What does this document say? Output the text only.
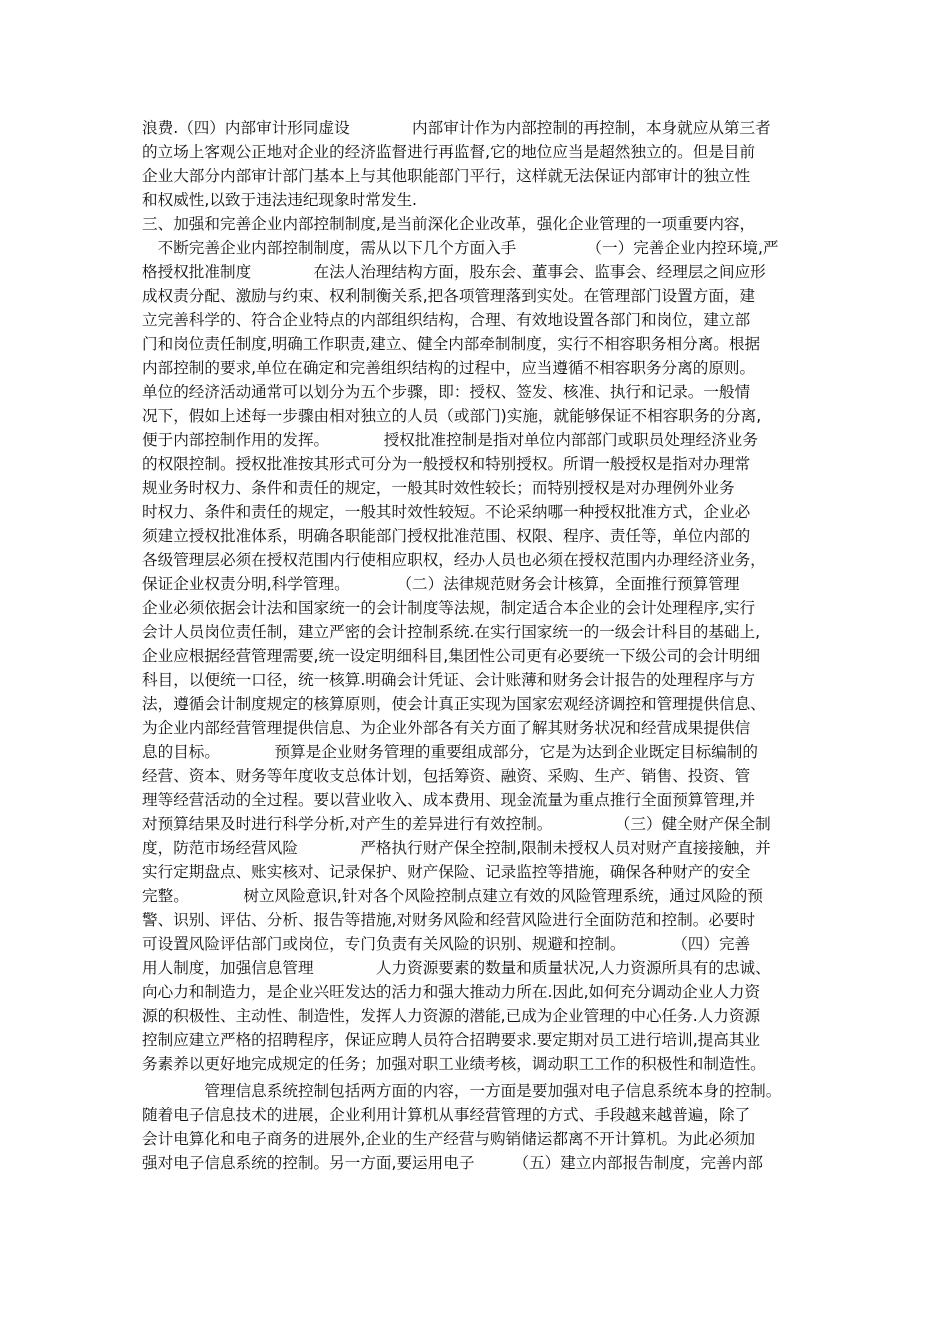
浪费.（四）内部审计形同虚设　　　　内部审计作为内部控制的再控制，本身就应从第三者
的立场上客观公正地对企业的经济监督进行再监督,它的地位应当是超然独立的。但是目前
企业大部分内部审计部门基本上与其他职能部门平行，这样就无法保证内部审计的独立性
和权威性,以致于违法违纪现象时常发生.
三、加强和完善企业内部控制制度,是当前深化企业改革，强化企业管理的一项重要内容，
　不断完善企业内部控制制度，需从以下几个方面入手　　　　　（一）完善企业内控环境,严
格授权批准制度　　　　在法人治理结构方面，股东会、董事会、监事会、经理层之间应形
成权责分配、激励与约束、权利制衡关系,把各项管理落到实处。在管理部门设置方面，建
立完善科学的、符合企业特点的内部组织结构，合理、有效地设置各部门和岗位，建立部
门和岗位责任制度,明确工作职责,建立、健全内部牵制制度，实行不相容职务相分离。根据
内部控制的要求,单位在确定和完善组织结构的过程中，应当遵循不相容职务分离的原则。
单位的经济活动通常可以划分为五个步骤，即：授权、签发、核准、执行和记录。一般情
况下，假如上述每一步骤由相对独立的人员（或部门)实施，就能够保证不相容职务的分离,
便于内部控制作用的发挥。　　　　授权批准控制是指对单位内部部门或职员处理经济业务
的权限控制。授权批准按其形式可分为一般授权和特别授权。所谓一般授权是指对办理常
规业务时权力、条件和责任的规定，一般其时效性较长；而特别授权是对办理例外业务
时权力、条件和责任的规定，一般其时效性较短。不论采纳哪一种授权批准方式，企业必
须建立授权批准体系，明确各职能部门授权批准范围、权限、程序、责任等，单位内部的
各级管理层必须在授权范围内行使相应职权，经办人员也必须在授权范围内办理经济业务，
保证企业权责分明,科学管理。　　　　（二）法律规范财务会计核算，全面推行预算管理
企业必须依据会计法和国家统一的会计制度等法规，制定适合本企业的会计处理程序,实行
会计人员岗位责任制，建立严密的会计控制系统.在实行国家统一的一级会计科目的基础上,
企业应根据经营管理需要,统一设定明细科目,集团性公司更有必要统一下级公司的会计明细
科目，以便统一口径，统一核算.明确会计凭证、会计账薄和财务会计报告的处理程序与方
法，遵循会计制度规定的核算原则，使会计真正实现为国家宏观经济调控和管理提供信息、
为企业内部经营管理提供信息、为企业外部各有关方面了解其财务状况和经营成果提供信
息的目标。　　　　预算是企业财务管理的重要组成部分，它是为达到企业既定目标编制的
经营、资本、财务等年度收支总体计划，包括筹资、融资、采购、生产、销售、投资、管
理等经营活动的全过程。要以营业收入、成本费用、现金流量为重点推行全面预算管理,并
对预算结果及时进行科学分析,对产生的差异进行有效控制。　　　　　（三）健全财产保全制
度，防范市场经营风险　　　　严格执行财产保全控制,限制未授权人员对财产直接接触，并
实行定期盘点、账实核对、记录保护、财产保险、记录监控等措施，确保各种财产的安全
完整。　　　　树立风险意识,针对各个风险控制点建立有效的风险管理系统，通过风险的预
警、识别、评估、分析、报告等措施,对财务风险和经营风险进行全面防范和控制。必要时
可设置风险评估部门或岗位，专门负责有关风险的识别、规避和控制。　　　　（四）完善
用人制度，加强信息管理　　　　人力资源要素的数量和质量状况,人力资源所具有的忠诚、
向心力和制造力，是企业兴旺发达的活力和强大推动力所在.因此,如何充分调动企业人力资
源的积极性、主动性、制造性，发挥人力资源的潜能,已成为企业管理的中心任务.人力资源
控制应建立严格的招聘程序，保证应聘人员符合招聘要求.要定期对员工进行培训,提高其业
务素养以更好地完成规定的任务；加强对职工业绩考核，调动职工工作的积极性和制造性。
　　　　管理信息系统控制包括两方面的内容，一方面是要加强对电子信息系统本身的控制。
随着电子信息技术的进展，企业利用计算机从事经营管理的方式、手段越来越普遍，除了
会计电算化和电子商务的进展外,企业的生产经营与购销储运都离不开计算机。为此必须加
强对电子信息系统的控制。另一方面,要运用电子　　　（五）建立内部报告制度，完善内部
